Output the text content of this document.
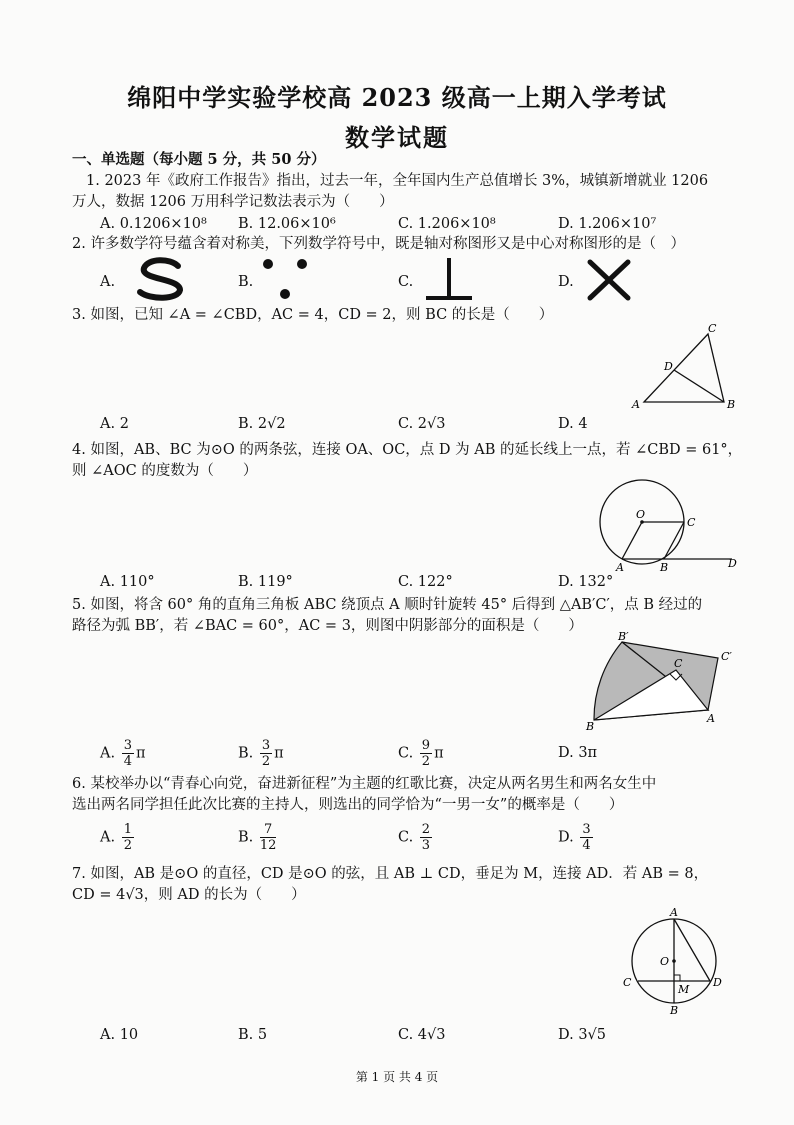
绵阳中学实验学校高 2023 级高一上期入学考试
数学试题
一、单选题（每小题 5 分，共 50 分）
1. 2023 年《政府工作报告》指出，过去一年，全年国内生产总值增长 3%，城镇新增就业 1206
万人，数据 1206 万用科学记数法表示为（　　）
A. 0.1206×10⁸ B. 12.06×10⁶	C. 1.206×10⁸	D. 1.206×10⁷
2. 许多数学符号蕴含着对称美，下列数学符号中，既是轴对称图形又是中心对称图形的是（　）
A.	B.	C.	D.
3. 如图，已知 ∠A = ∠CBD，AC = 4，CD = 2，则 BC 的长是（　　）
C
D
A	B
A. 2	B. 2√2	C. 2√3	D. 4
4. 如图，AB、BC 为⊙O 的两条弦，连接 OA、OC，点 D 为 AB 的延长线上一点，若 ∠CBD = 61°，
则 ∠AOC 的度数为（　　）
O
C
A	B	D
A. 110°	B. 119°	C. 122°	D. 132°
5. 如图，将含 60° 角的直角三角板 ABC 绕顶点 A 顺时针旋转 45° 后得到 △AB′C′，点 B 经过的
路径为弧 BB′，若 ∠BAC = 60°，AC = 3，则图中阴影部分的面积是（　　）
B′
C
C′
B
A
A. $\frac{3}{4}$ π	B. $\frac{3}{2}$ π	C. $\frac{9}{2}$ π	D. 3π
6. 某校举办以“青春心向党，奋进新征程”为主题的红歌比赛，决定从两名男生和两名女生中
选出两名同学担任此次比赛的主持人，则选出的同学恰为“一男一女”的概率是（　　）
A. $\frac{1}{2}$	B. $\frac{7}{12}$	C. $\frac{2}{3}$	D. $\frac{3}{4}$
7. 如图，AB 是⊙O 的直径，CD 是⊙O 的弦，且 AB ⊥ CD，垂足为 M，连接 AD．若 AB = 8，
CD = 4√3，则 AD 的长为（　　）
A
O
C
M
D
B
A. 10	B. 5	C. 4√3	D. 3√5
第 1 页 共 4 页
